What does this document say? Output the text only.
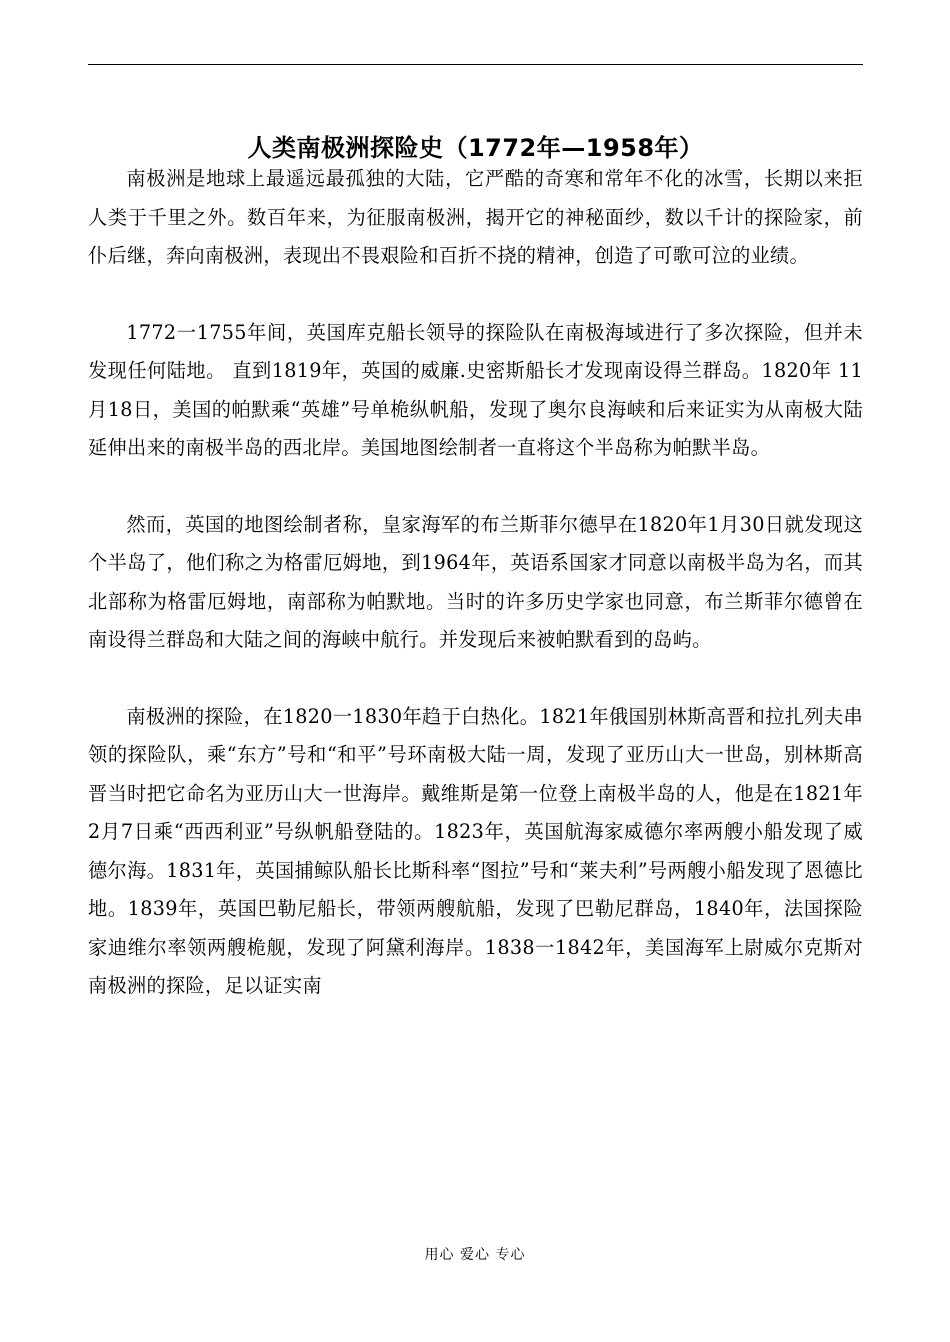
人类南极洲探险史（1772年—1958年）

南极洲是地球上最遥远最孤独的大陆，它严酷的奇寒和常年不化的冰雪，长期以来拒人类于千里之外。数百年来，为征服南极洲，揭开它的神秘面纱，数以千计的探险家，前仆后继，奔向南极洲，表现出不畏艰险和百折不挠的精神，创造了可歌可泣的业绩。

1772一1755年间，英国库克船长领导的探险队在南极海域进行了多次探险，但并未发现任何陆地。 直到1819年，英国的威廉.史密斯船长才发现南设得兰群岛。1820年 11月18日，美国的帕默乘“英雄”号单桅纵帆船，发现了奥尔良海峡和后来证实为从南极大陆延伸出来的南极半岛的西北岸。美国地图绘制者一直将这个半岛称为帕默半岛。

然而，英国的地图绘制者称，皇家海军的布兰斯菲尔德早在1820年1月30日就发现这个半岛了，他们称之为格雷厄姆地，到1964年，英语系国家才同意以南极半岛为名，而其北部称为格雷厄姆地，南部称为帕默地。当时的许多历史学家也同意，布兰斯菲尔德曾在南设得兰群岛和大陆之间的海峡中航行。并发现后来被帕默看到的岛屿。

南极洲的探险，在1820一1830年趋于白热化。1821年俄国别林斯高晋和拉扎列夫串领的探险队，乘“东方”号和“和平”号环南极大陆一周，发现了亚历山大一世岛，别林斯高晋当时把它命名为亚历山大一世海岸。戴维斯是第一位登上南极半岛的人，他是在1821年2月7日乘“西西利亚”号纵帆船登陆的。1823年，英国航海家威德尔率两艘小船发现了威德尔海。1831年，英国捕鲸队船长比斯科率“图拉”号和“莱夫利”号两艘小船发现了恩德比地。1839年，英国巴勒尼船长，带领两艘航船，发现了巴勒尼群岛，1840年，法国探险家迪维尔率领两艘桅舰，发现了阿黛利海岸。1838一1842年，美国海军上尉威尔克斯对南极洲的探险，足以证实南

用心 爱心 专心
